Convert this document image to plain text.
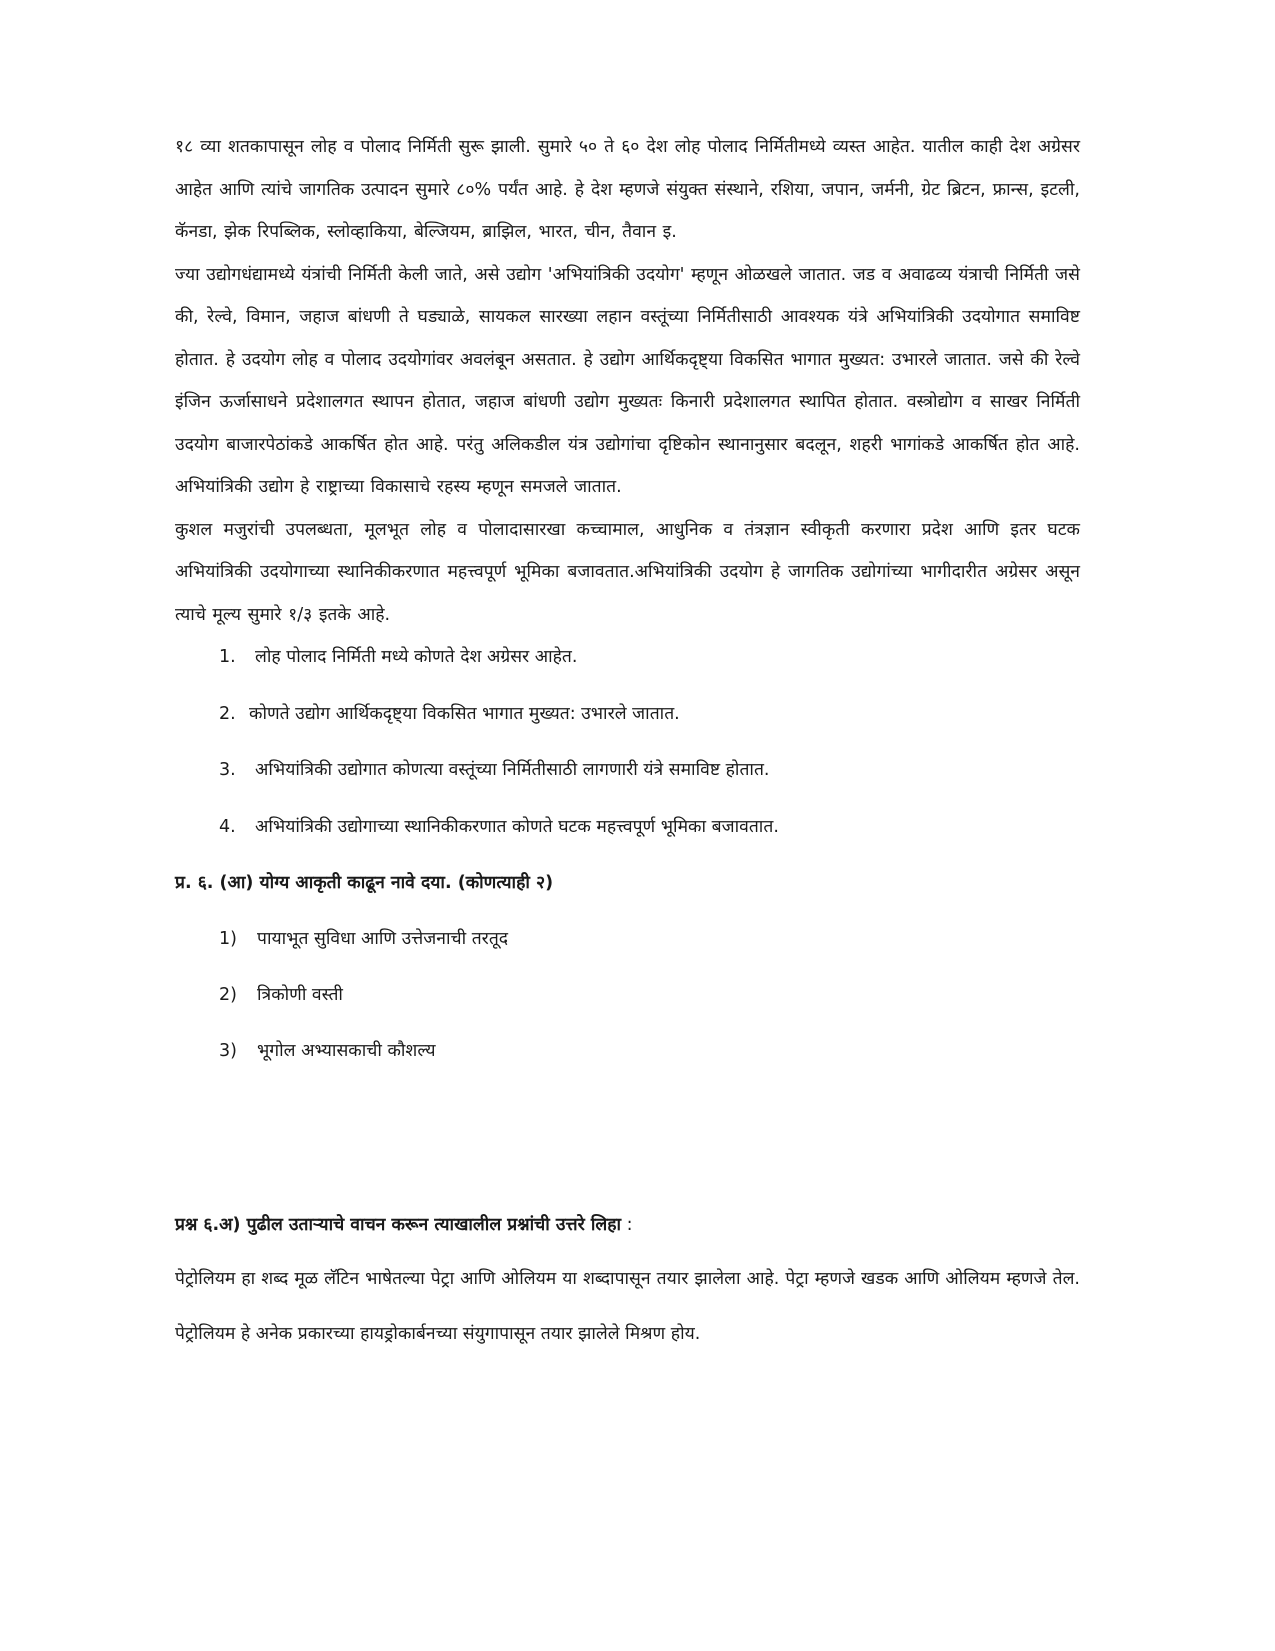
१८ व्या शतकापासून लोह व पोलाद निर्मिती सुरू झाली. सुमारे ५० ते ६० देश लोह पोलाद निर्मितीमध्ये व्यस्त आहेत. यातील काही देश अग्रेसर आहेत आणि त्यांचे जागतिक उत्पादन सुमारे ८०% पर्यंत आहे. हे देश म्हणजे संयुक्त संस्थाने, रशिया, जपान, जर्मनी, ग्रेट ब्रिटन, फ्रान्स, इटली, कॅनडा, झेक रिपब्लिक, स्लोव्हाकिया, बेल्जियम, ब्राझिल, भारत, चीन, तैवान इ.

ज्या उद्योगधंद्यामध्ये यंत्रांची निर्मिती केली जाते, असे उद्योग 'अभियांत्रिकी उदयोग' म्हणून ओळखले जातात. जड व अवाढव्य यंत्राची निर्मिती जसे की, रेल्वे, विमान, जहाज बांधणी ते घड्याळे, सायकल सारख्या लहान वस्तूंच्या निर्मितीसाठी आवश्यक यंत्रे अभियांत्रिकी उदयोगात समाविष्ट होतात. हे उदयोग लोह व पोलाद उदयोगांवर अवलंबून असतात. हे उद्योग आर्थिकदृष्ट्या विकसित भागात मुख्यत: उभारले जातात. जसे की रेल्वे इंजिन ऊर्जासाधने प्रदेशालगत स्थापन होतात, जहाज बांधणी उद्योग मुख्यतः किनारी प्रदेशालगत स्थापित होतात. वस्त्रोद्योग व साखर निर्मिती उदयोग बाजारपेठांकडे आकर्षित होत आहे. परंतु अलिकडील यंत्र उद्योगांचा दृष्टिकोन स्थानानुसार बदलून, शहरी भागांकडे आकर्षित होत आहे. अभियांत्रिकी उद्योग हे राष्ट्राच्या विकासाचे रहस्य म्हणून समजले जातात.

कुशल मजुरांची उपलब्धता, मूलभूत लोह व पोलादासारखा कच्चामाल, आधुनिक व तंत्रज्ञान स्वीकृती करणारा प्रदेश आणि इतर घटक अभियांत्रिकी उदयोगाच्या स्थानिकीकरणात महत्त्वपूर्ण भूमिका बजावतात.अभियांत्रिकी उदयोग हे जागतिक उद्योगांच्या भागीदारीत अग्रेसर असून त्याचे मूल्य सुमारे १/३ इतके आहे.

1.	लोह पोलाद निर्मिती मध्ये कोणते देश अग्रेसर आहेत.
2. कोणते उद्योग आर्थिकदृष्ट्या विकसित भागात मुख्यत: उभारले जातात.
3.	अभियांत्रिकी उद्योगात कोणत्या वस्तूंच्या निर्मितीसाठी लागणारी यंत्रे समाविष्ट होतात.
4.	अभियांत्रिकी उद्योगाच्या स्थानिकीकरणात कोणते घटक महत्त्वपूर्ण भूमिका बजावतात.

प्र. ६. (आ) योग्य आकृती काढून नावे दया. (कोणत्याही २)

1) पायाभूत सुविधा आणि उत्तेजनाची तरतूद
2) त्रिकोणी वस्ती
3) भूगोल अभ्यासकाची कौशल्य

प्रश्न ६.अ) पुढील उताऱ्याचे वाचन करून त्याखालील प्रश्नांची उत्तरे लिहा :

पेट्रोलियम हा शब्द मूळ लॅटिन भाषेतल्या पेट्रा आणि ओलियम या शब्दापासून तयार झालेला आहे. पेट्रा म्हणजे खडक आणि ओलियम म्हणजे तेल. पेट्रोलियम हे अनेक प्रकारच्या हायड्रोकार्बनच्या संयुगापासून तयार झालेले मिश्रण होय.
